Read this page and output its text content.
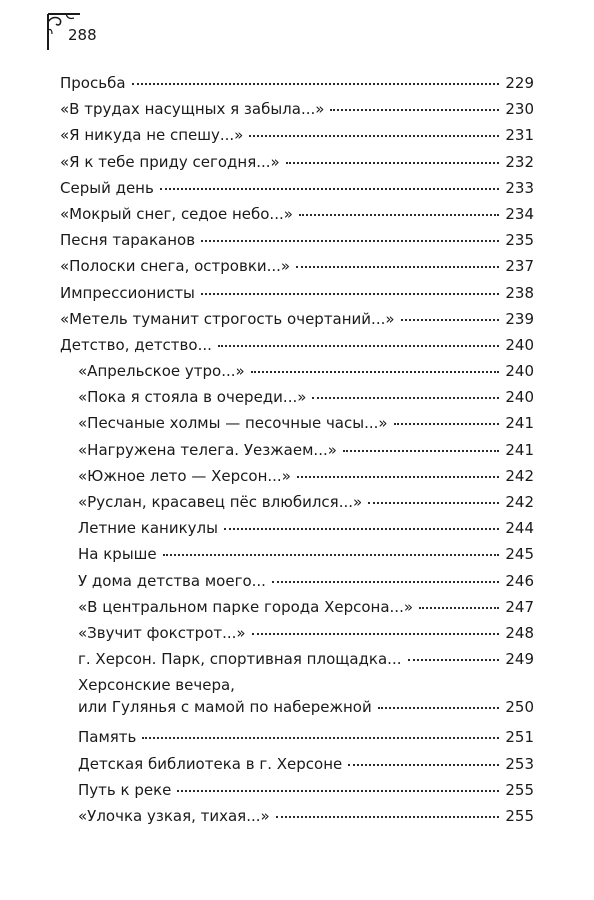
288
Просьба	229
«В трудах насущных я забыла...»	230
«Я никуда не спешу...»	231
«Я к тебе приду сегодня...»	232
Серый день	233
«Мокрый снег, седое небо...»	234
Песня тараканов	235
«Полоски снега, островки...»	237
Импрессионисты	238
«Метель туманит строгость очертаний...»	239
Детство, детство...	240
«Апрельское утро...»	240
«Пока я стояла в очереди...»	240
«Песчаные холмы — песочные часы...»	241
«Нагружена телега. Уезжаем...»	241
«Южное лето — Херсон...»	242
«Руслан, красавец пёс влюбился...»	242
Летние каникулы	244
На крыше	245
У дома детства моего...	246
«В центральном парке города Херсона...»	247
«Звучит фокстрот...»	248
г. Херсон. Парк, спортивная площадка...	249
Херсонские вечера,
или Гулянья с мамой по набережной	250
Память	251
Детская библиотека в г. Херсоне	253
Путь к реке	255
«Улочка узкая, тихая...»	255
